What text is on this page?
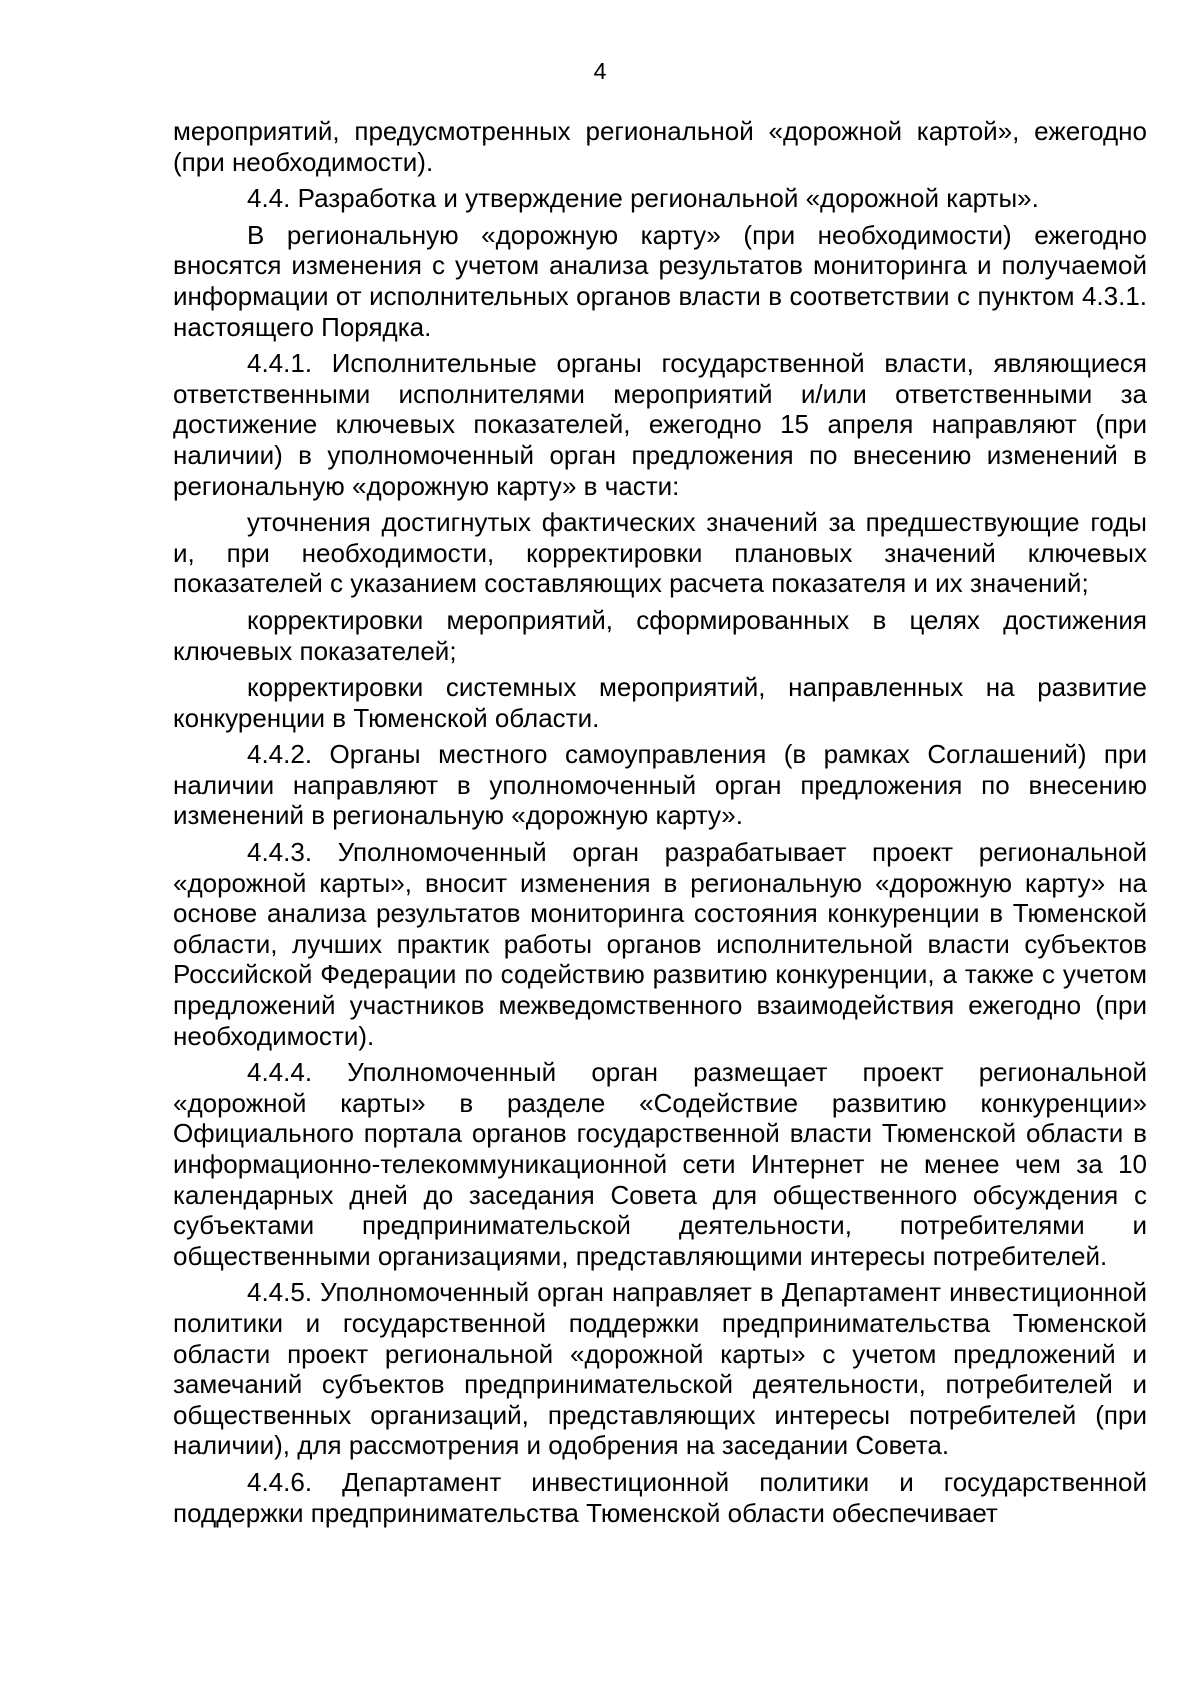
4

мероприятий, предусмотренных региональной «дорожной картой», ежегодно (при необходимости).

4.4. Разработка и утверждение региональной «дорожной карты».

В региональную «дорожную карту» (при необходимости) ежегодно вносятся изменения с учетом анализа результатов мониторинга и получаемой информации от исполнительных органов власти в соответствии с пунктом 4.3.1. настоящего Порядка.

4.4.1. Исполнительные органы государственной власти, являющиеся ответственными исполнителями мероприятий и/или ответственными за достижение ключевых показателей, ежегодно 15 апреля направляют (при наличии) в уполномоченный орган предложения по внесению изменений в региональную «дорожную карту» в части:

уточнения достигнутых фактических значений за предшествующие годы и, при необходимости, корректировки плановых значений ключевых показателей с указанием составляющих расчета показателя и их значений;

корректировки мероприятий, сформированных в целях достижения ключевых показателей;

корректировки системных мероприятий, направленных на развитие конкуренции в Тюменской области.

4.4.2. Органы местного самоуправления (в рамках Соглашений) при наличии направляют в уполномоченный орган предложения по внесению изменений в региональную «дорожную карту».

4.4.3. Уполномоченный орган разрабатывает проект региональной «дорожной карты», вносит изменения в региональную «дорожную карту» на основе анализа результатов мониторинга состояния конкуренции в Тюменской области, лучших практик работы органов исполнительной власти субъектов Российской Федерации по содействию развитию конкуренции, а также с учетом предложений участников межведомственного взаимодействия ежегодно (при необходимости).

4.4.4. Уполномоченный орган размещает проект региональной «дорожной карты» в разделе «Содействие развитию конкуренции» Официального портала органов государственной власти Тюменской области в информационно-телекоммуникационной сети Интернет не менее чем за 10 календарных дней до заседания Совета для общественного обсуждения с субъектами предпринимательской деятельности, потребителями и общественными организациями, представляющими интересы потребителей.

4.4.5. Уполномоченный орган направляет в Департамент инвестиционной политики и государственной поддержки предпринимательства Тюменской области проект региональной «дорожной карты» с учетом предложений и замечаний субъектов предпринимательской деятельности, потребителей и общественных организаций, представляющих интересы потребителей (при наличии), для рассмотрения и одобрения на заседании Совета.

4.4.6. Департамент инвестиционной политики и государственной поддержки предпринимательства Тюменской области обеспечивает
